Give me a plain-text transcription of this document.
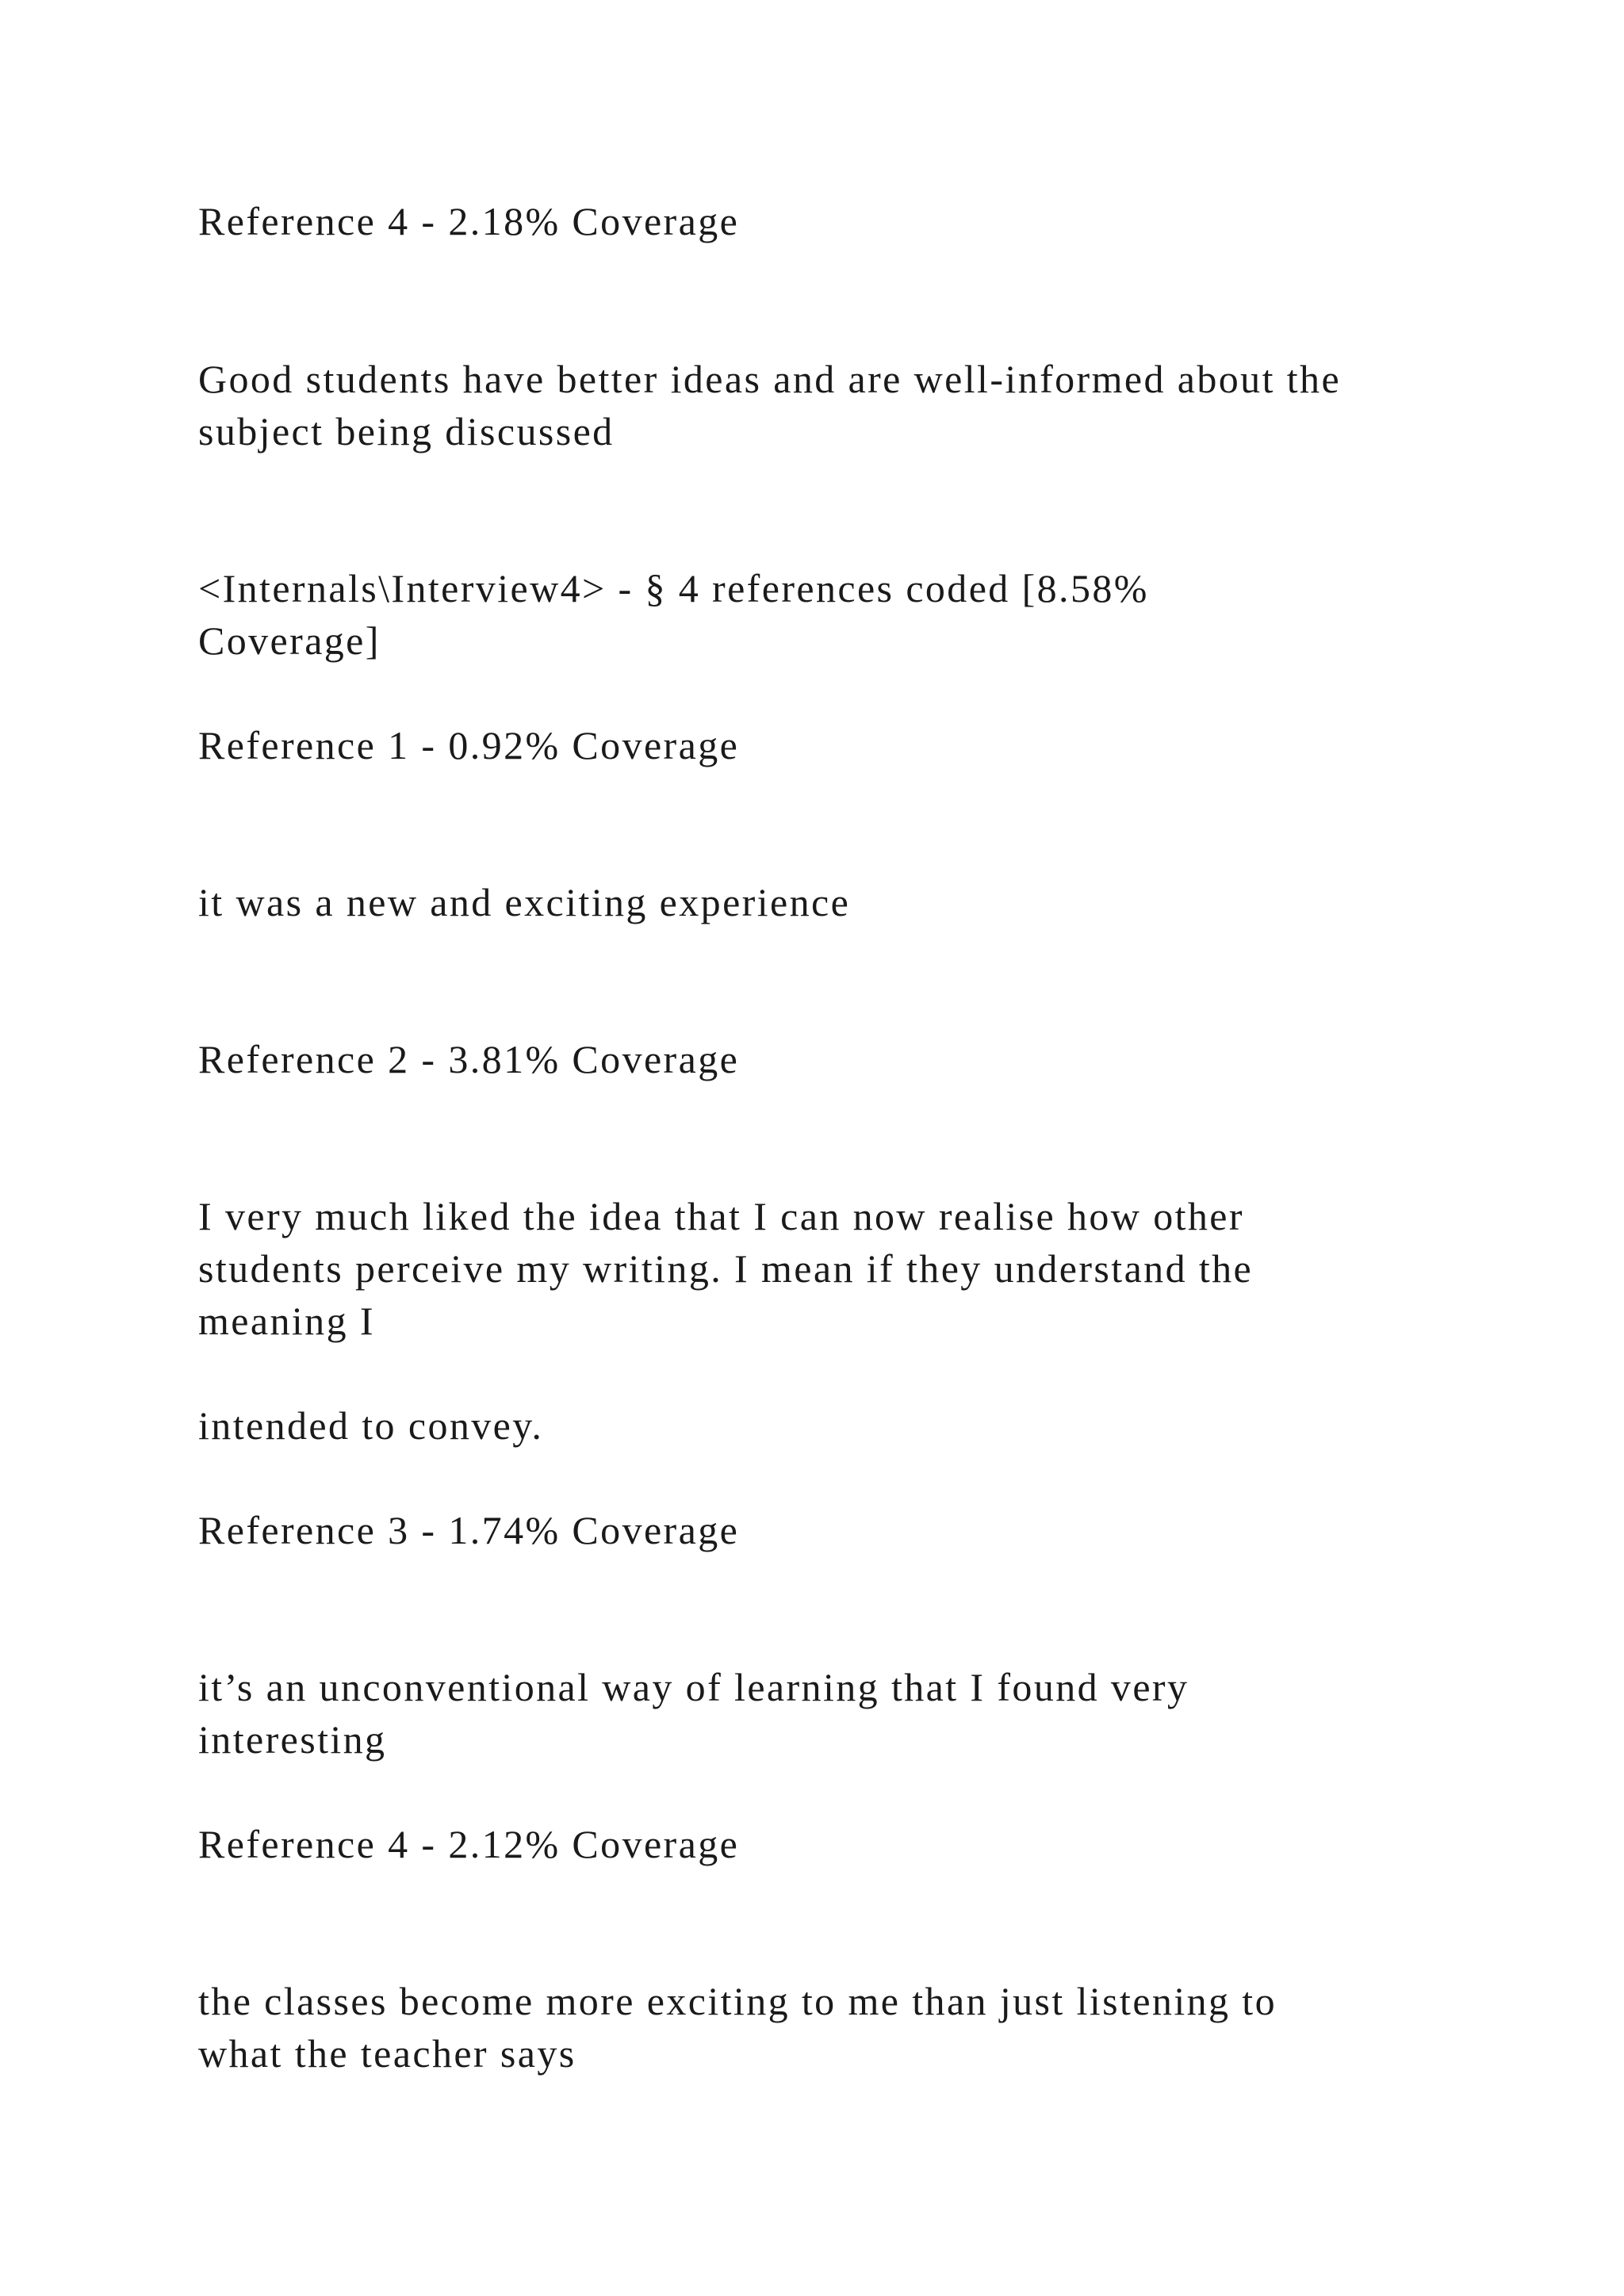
Reference 4 - 2.18% Coverage
Good students have better ideas and are well-informed about the
subject being discussed
<Internals\Interview4> - § 4 references coded [8.58%
Coverage]
Reference 1 - 0.92% Coverage
it was a new and exciting experience
Reference 2 - 3.81% Coverage
I very much liked the idea that I can now realise how other
students perceive my writing. I mean if they understand the
meaning I
intended to convey.
Reference 3 - 1.74% Coverage
it’s an unconventional way of learning that I found very
interesting
Reference 4 - 2.12% Coverage
the classes become more exciting to me than just listening to
what the teacher says
